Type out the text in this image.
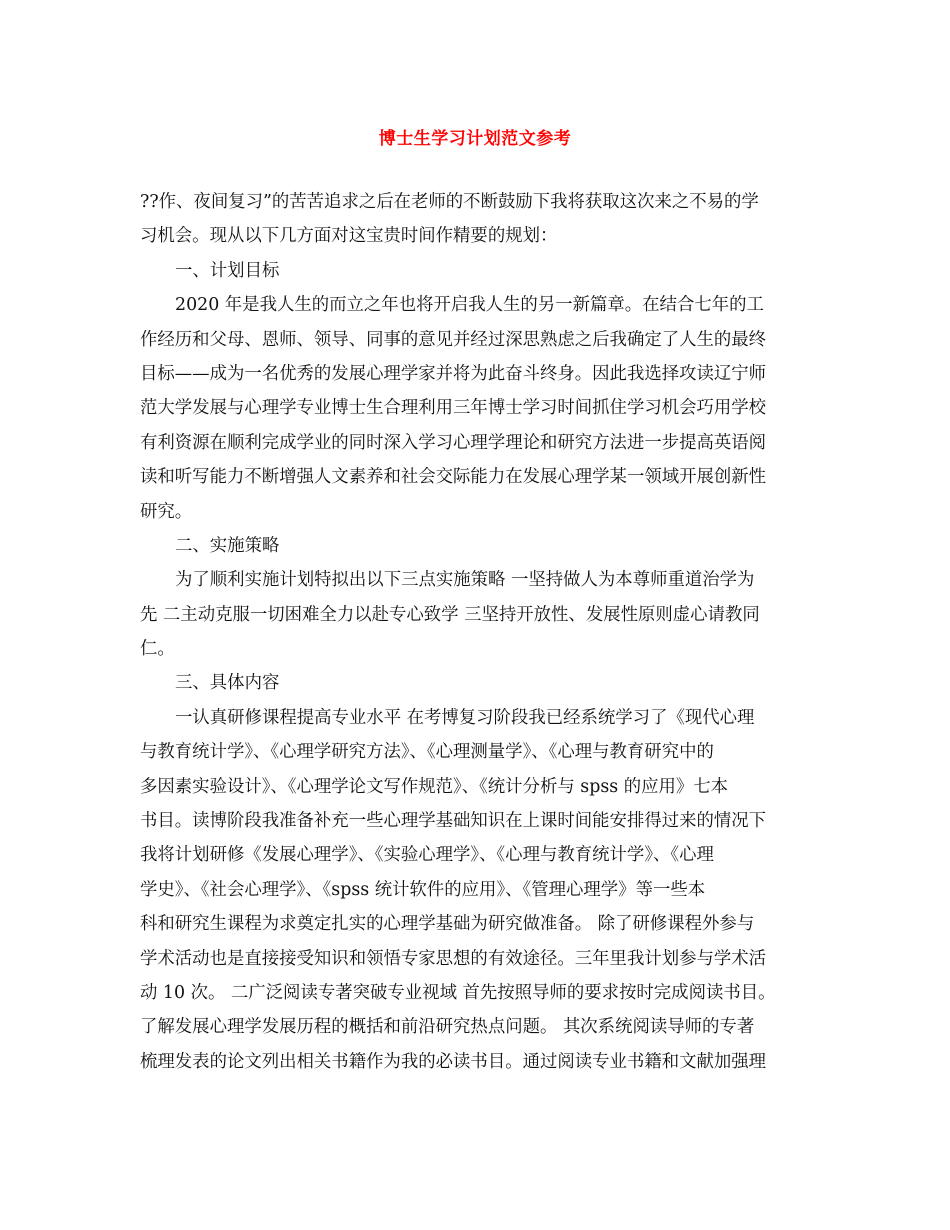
博士生学习计划范文参考
??作、夜间复习”的苦苦追求之后在老师的不断鼓励下我将获取这次来之不易的学
习机会。现从以下几方面对这宝贵时间作精要的规划：
一、计划目标
2020 年是我人生的而立之年也将开启我人生的另一新篇章。在结合七年的工
作经历和父母、恩师、领导、同事的意见并经过深思熟虑之后我确定了人生的最终
目标——成为一名优秀的发展心理学家并将为此奋斗终身。因此我选择攻读辽宁师
范大学发展与心理学专业博士生合理利用三年博士学习时间抓住学习机会巧用学校
有利资源在顺利完成学业的同时深入学习心理学理论和研究方法进一步提高英语阅
读和听写能力不断增强人文素养和社会交际能力在发展心理学某一领域开展创新性
研究。
二、实施策略
为了顺利实施计划特拟出以下三点实施策略 一坚持做人为本尊师重道治学为
先 二主动克服一切困难全力以赴专心致学 三坚持开放性、发展性原则虚心请教同
仁。
三、具体内容
一认真研修课程提高专业水平 在考博复习阶段我已经系统学习了《现代心理
与教育统计学》、《心理学研究方法》、《心理测量学》、《心理与教育研究中的
多因素实验设计》、《心理学论文写作规范》、《统计分析与 spss 的应用》七本
书目。读博阶段我准备补充一些心理学基础知识在上课时间能安排得过来的情况下
我将计划研修《发展心理学》、《实验心理学》、《心理与教育统计学》、《心理
学史》、《社会心理学》、《spss 统计软件的应用》、《管理心理学》等一些本
科和研究生课程为求奠定扎实的心理学基础为研究做准备。 除了研修课程外参与
学术活动也是直接接受知识和领悟专家思想的有效途径。三年里我计划参与学术活
动 10 次。 二广泛阅读专著突破专业视域 首先按照导师的要求按时完成阅读书目。
了解发展心理学发展历程的概括和前沿研究热点问题。 其次系统阅读导师的专著
梳理发表的论文列出相关书籍作为我的必读书目。通过阅读专业书籍和文献加强理
